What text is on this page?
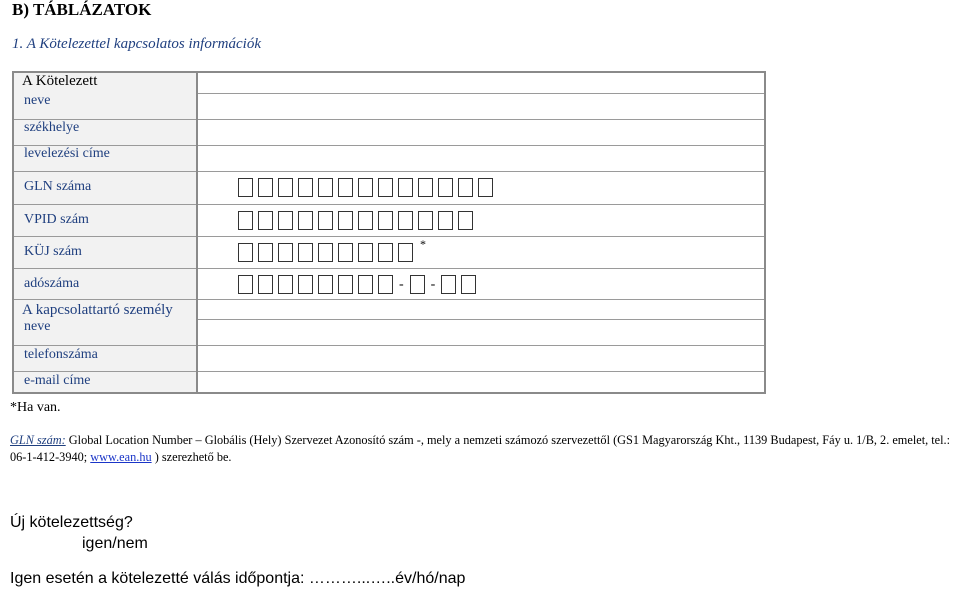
B) TÁBLÁZATOK
1. A Kötelezettel kapcsolatos információk
A Kötelezett
neve
székhelye
levelezési címe
GLN száma
VPID szám
KÜJ szám
adószáma
A kapcsolattartó személy
neve
telefonszáma
e-mail címe
*
- -
*Ha van.
GLN szám: Global Location Number – Globális (Hely) Szervezet Azonosító szám -, mely a nemzeti számozó szervezettől (GS1 Magyarország Kht., 1139 Budapest, Fáy u. 1/B, 2. emelet, tel.: 06-1-412-3940; www.ean.hu ) szerezhető be.
Új kötelezettség?
igen/nem
Igen esetén a kötelezetté válás időpontja: ………...…..év/hó/nap
